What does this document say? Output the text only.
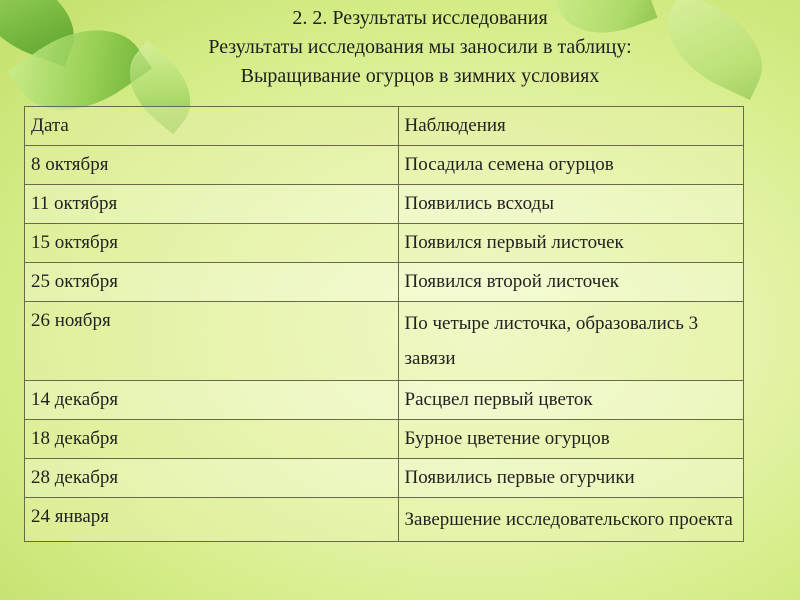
2. 2. Результаты исследования
Результаты исследования мы заносили в таблицу:
Выращивание огурцов в зимних условиях
Дата	Наблюдения
8 октября	Посадила семена огурцов
11 октября	Появились всходы
15 октября	Появился первый листочек
25 октября	Появился второй листочек
26 ноября	По четыре листочка, образовались 3 завязи
14 декабря	Расцвел первый цветок
18 декабря	Бурное цветение огурцов
28 декабря	Появились первые огурчики
24 января	Завершение исследовательского проекта
